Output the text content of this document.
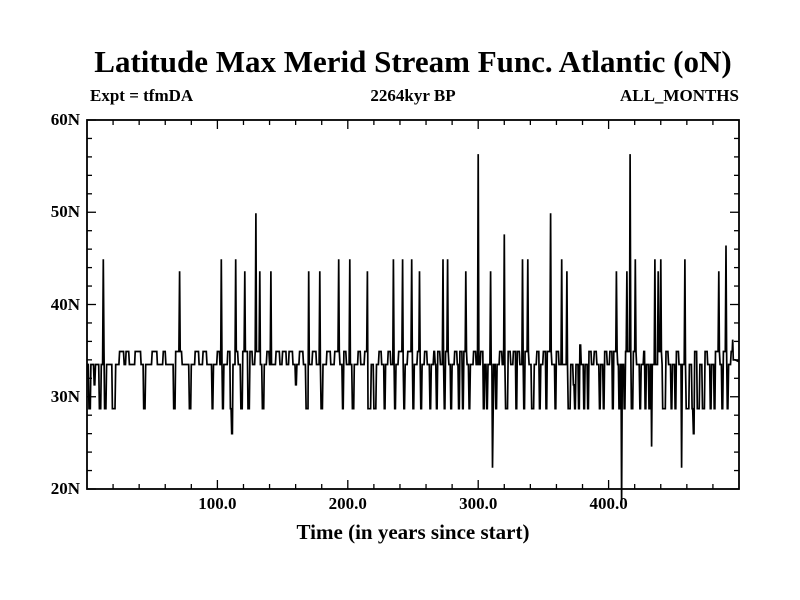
Latitude Max Merid Stream Func. Atlantic (oN)
Expt = tfmDA	2264kyr BP	ALL_MONTHS
20N
30N
40N
50N
60N
100.0	200.0	300.0	400.0
Time (in years since start)
